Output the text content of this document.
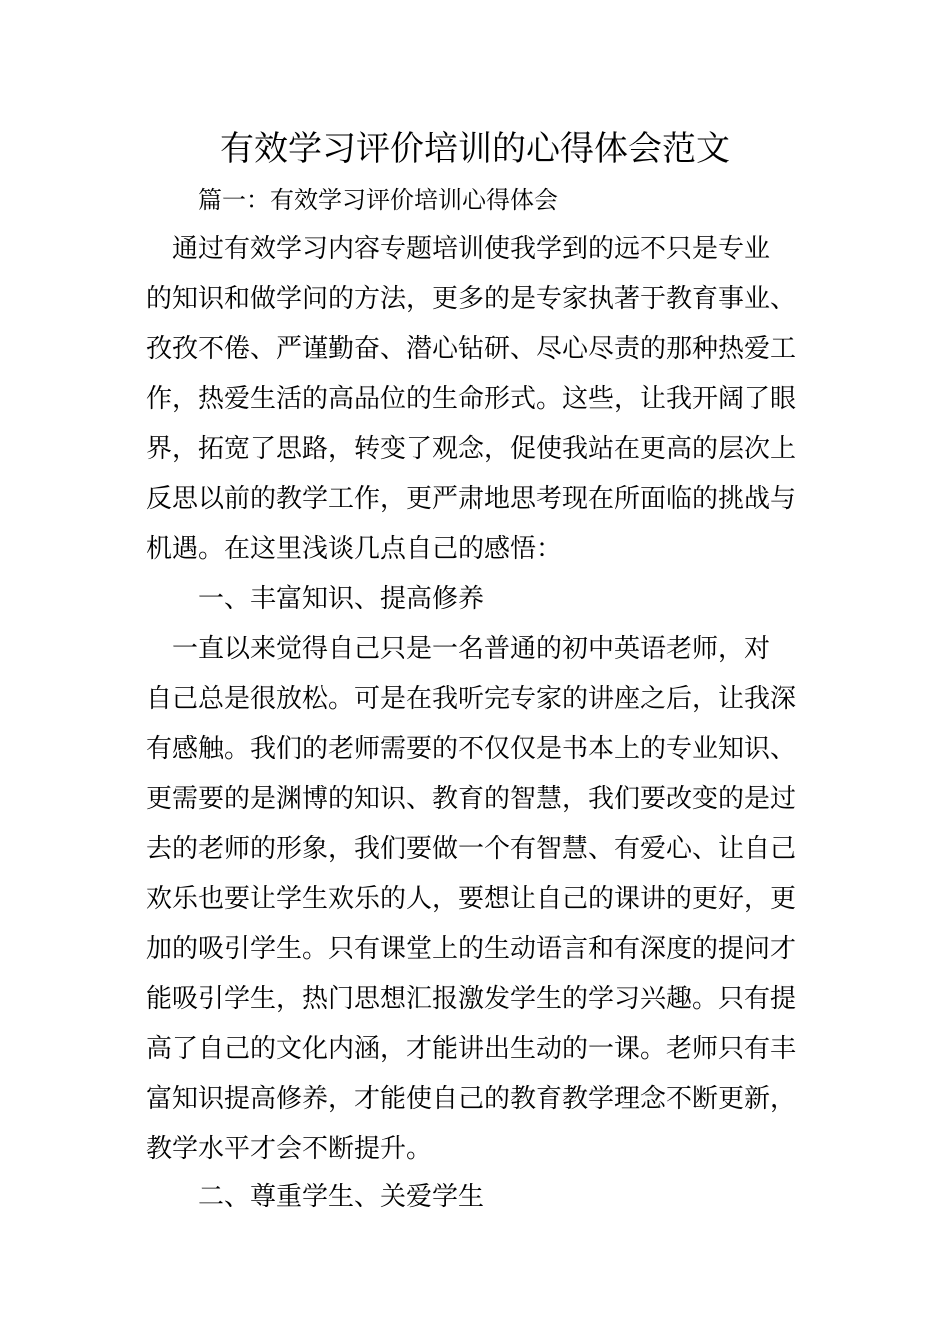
有效学习评价培训的心得体会范文

篇一：有效学习评价培训心得体会

通过有效学习内容专题培训使我学到的远不只是专业
的知识和做学问的方法，更多的是专家执著于教育事业、
孜孜不倦、严谨勤奋、潜心钻研、尽心尽责的那种热爱工
作，热爱生活的高品位的生命形式。这些，让我开阔了眼
界，拓宽了思路，转变了观念，促使我站在更高的层次上
反思以前的教学工作，更严肃地思考现在所面临的挑战与
机遇。在这里浅谈几点自己的感悟：

一、丰富知识、提高修养

一直以来觉得自己只是一名普通的初中英语老师，对
自己总是很放松。可是在我听完专家的讲座之后，让我深
有感触。我们的老师需要的不仅仅是书本上的专业知识、
更需要的是渊博的知识、教育的智慧，我们要改变的是过
去的老师的形象，我们要做一个有智慧、有爱心、让自己
欢乐也要让学生欢乐的人，要想让自己的课讲的更好，更
加的吸引学生。只有课堂上的生动语言和有深度的提问才
能吸引学生，热门思想汇报激发学生的学习兴趣。只有提
高了自己的文化内涵，才能讲出生动的一课。老师只有丰
富知识提高修养，才能使自己的教育教学理念不断更新，
教学水平才会不断提升。

二、尊重学生、关爱学生
